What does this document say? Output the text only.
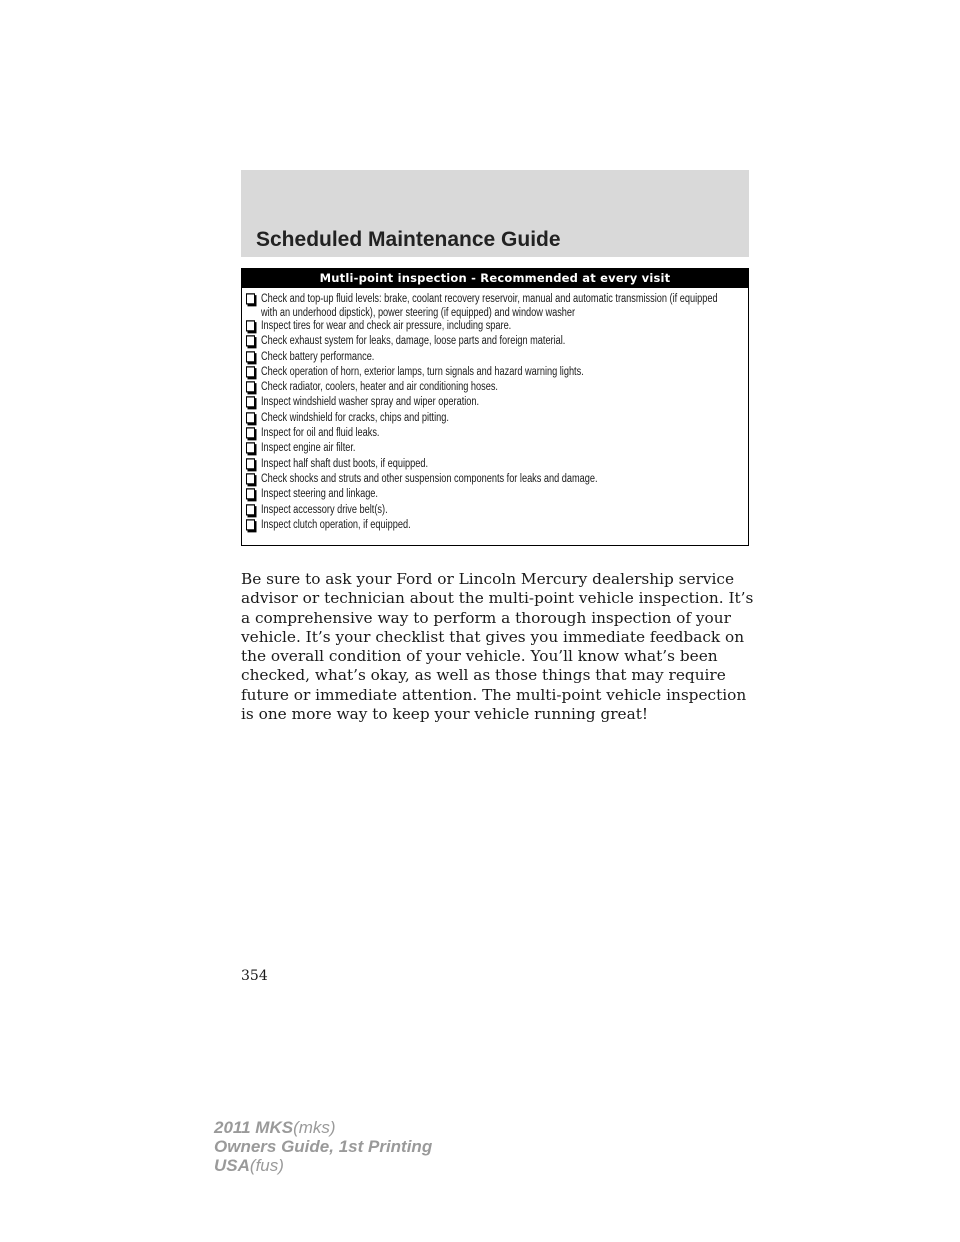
Scheduled Maintenance Guide
Mutli-point inspection - Recommended at every visit
Check and top-up fluid levels: brake, coolant recovery reservoir, manual and automatic transmission (if equipped with an underhood dipstick), power steering (if equipped) and window washer
Inspect tires for wear and check air pressure, including spare.
Check exhaust system for leaks, damage, loose parts and foreign material.
Check battery performance.
Check operation of horn, exterior lamps, turn signals and hazard warning lights.
Check radiator, coolers, heater and air conditioning hoses.
Inspect windshield washer spray and wiper operation.
Check windshield for cracks, chips and pitting.
Inspect for oil and fluid leaks.
Inspect engine air filter.
Inspect half shaft dust boots, if equipped.
Check shocks and struts and other suspension components for leaks and damage.
Inspect steering and linkage.
Inspect accessory drive belt(s).
Inspect clutch operation, if equipped.

Be sure to ask your Ford or Lincoln Mercury dealership service advisor or technician about the multi-point vehicle inspection. It’s a comprehensive way to perform a thorough inspection of your vehicle. It’s your checklist that gives you immediate feedback on the overall condition of your vehicle. You’ll know what’s been checked, what’s okay, as well as those things that may require future or immediate attention. The multi-point vehicle inspection is one more way to keep your vehicle running great!

354
2011 MKS(mks)
Owners Guide, 1st Printing
USA(fus)
